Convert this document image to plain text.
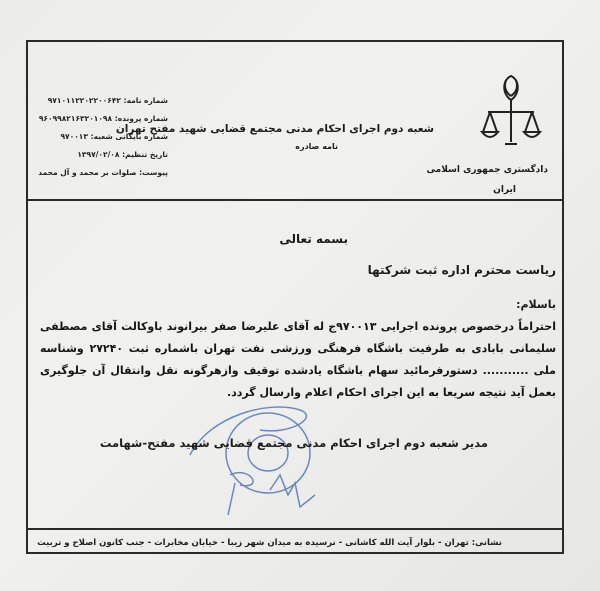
دادگستری جمهوری اسلامی
ایران
شعبه دوم اجرای احکام مدنی مجتمع قضایی شهید مفتح تهران
نامه صادره
شماره نامه: ۹۷۱۰۱۱۲۲۰۲۲۰۰۶۴۲
شماره پرونده: ۹۶۰۹۹۸۲۱۶۳۲۰۱۰۹۸
شماره بایگانی شعبه: ۹۷۰۰۱۳
تاریخ تنظیم: ۱۳۹۷/۰۲/۰۸
پیوست: صلوات بر محمد و آل محمد
بسمه تعالی
ریاست محترم اداره ثبت شرکتها
باسلام:
احتراماً درخصوص پرونده اجرایی ۹۷۰۰۱۳ج له آقای علیرضا صفر بیرانوند باوکالت آقای مصطفی سلیمانی بابادی به طرفیت باشگاه فرهنگی ورزشی نفت تهران باشماره ثبت ۲۷۲۴۰ وشناسه ملی ........... دستورفرمائید سهام باشگاه یادشده توقیف وازهرگونه نقل وانتقال آن جلوگیری بعمل آید نتیجه سریعا به این اجرای احکام اعلام وارسال گردد.
مدیر شعبه دوم اجرای احکام مدنی مجتمع قضایی شهید مفتح-شهامت
نشانی: تهران - بلوار آیت الله کاشانی - نرسیده به میدان شهر زیبا - خیابان مخابرات - جنب کانون اصلاح و تربیت
